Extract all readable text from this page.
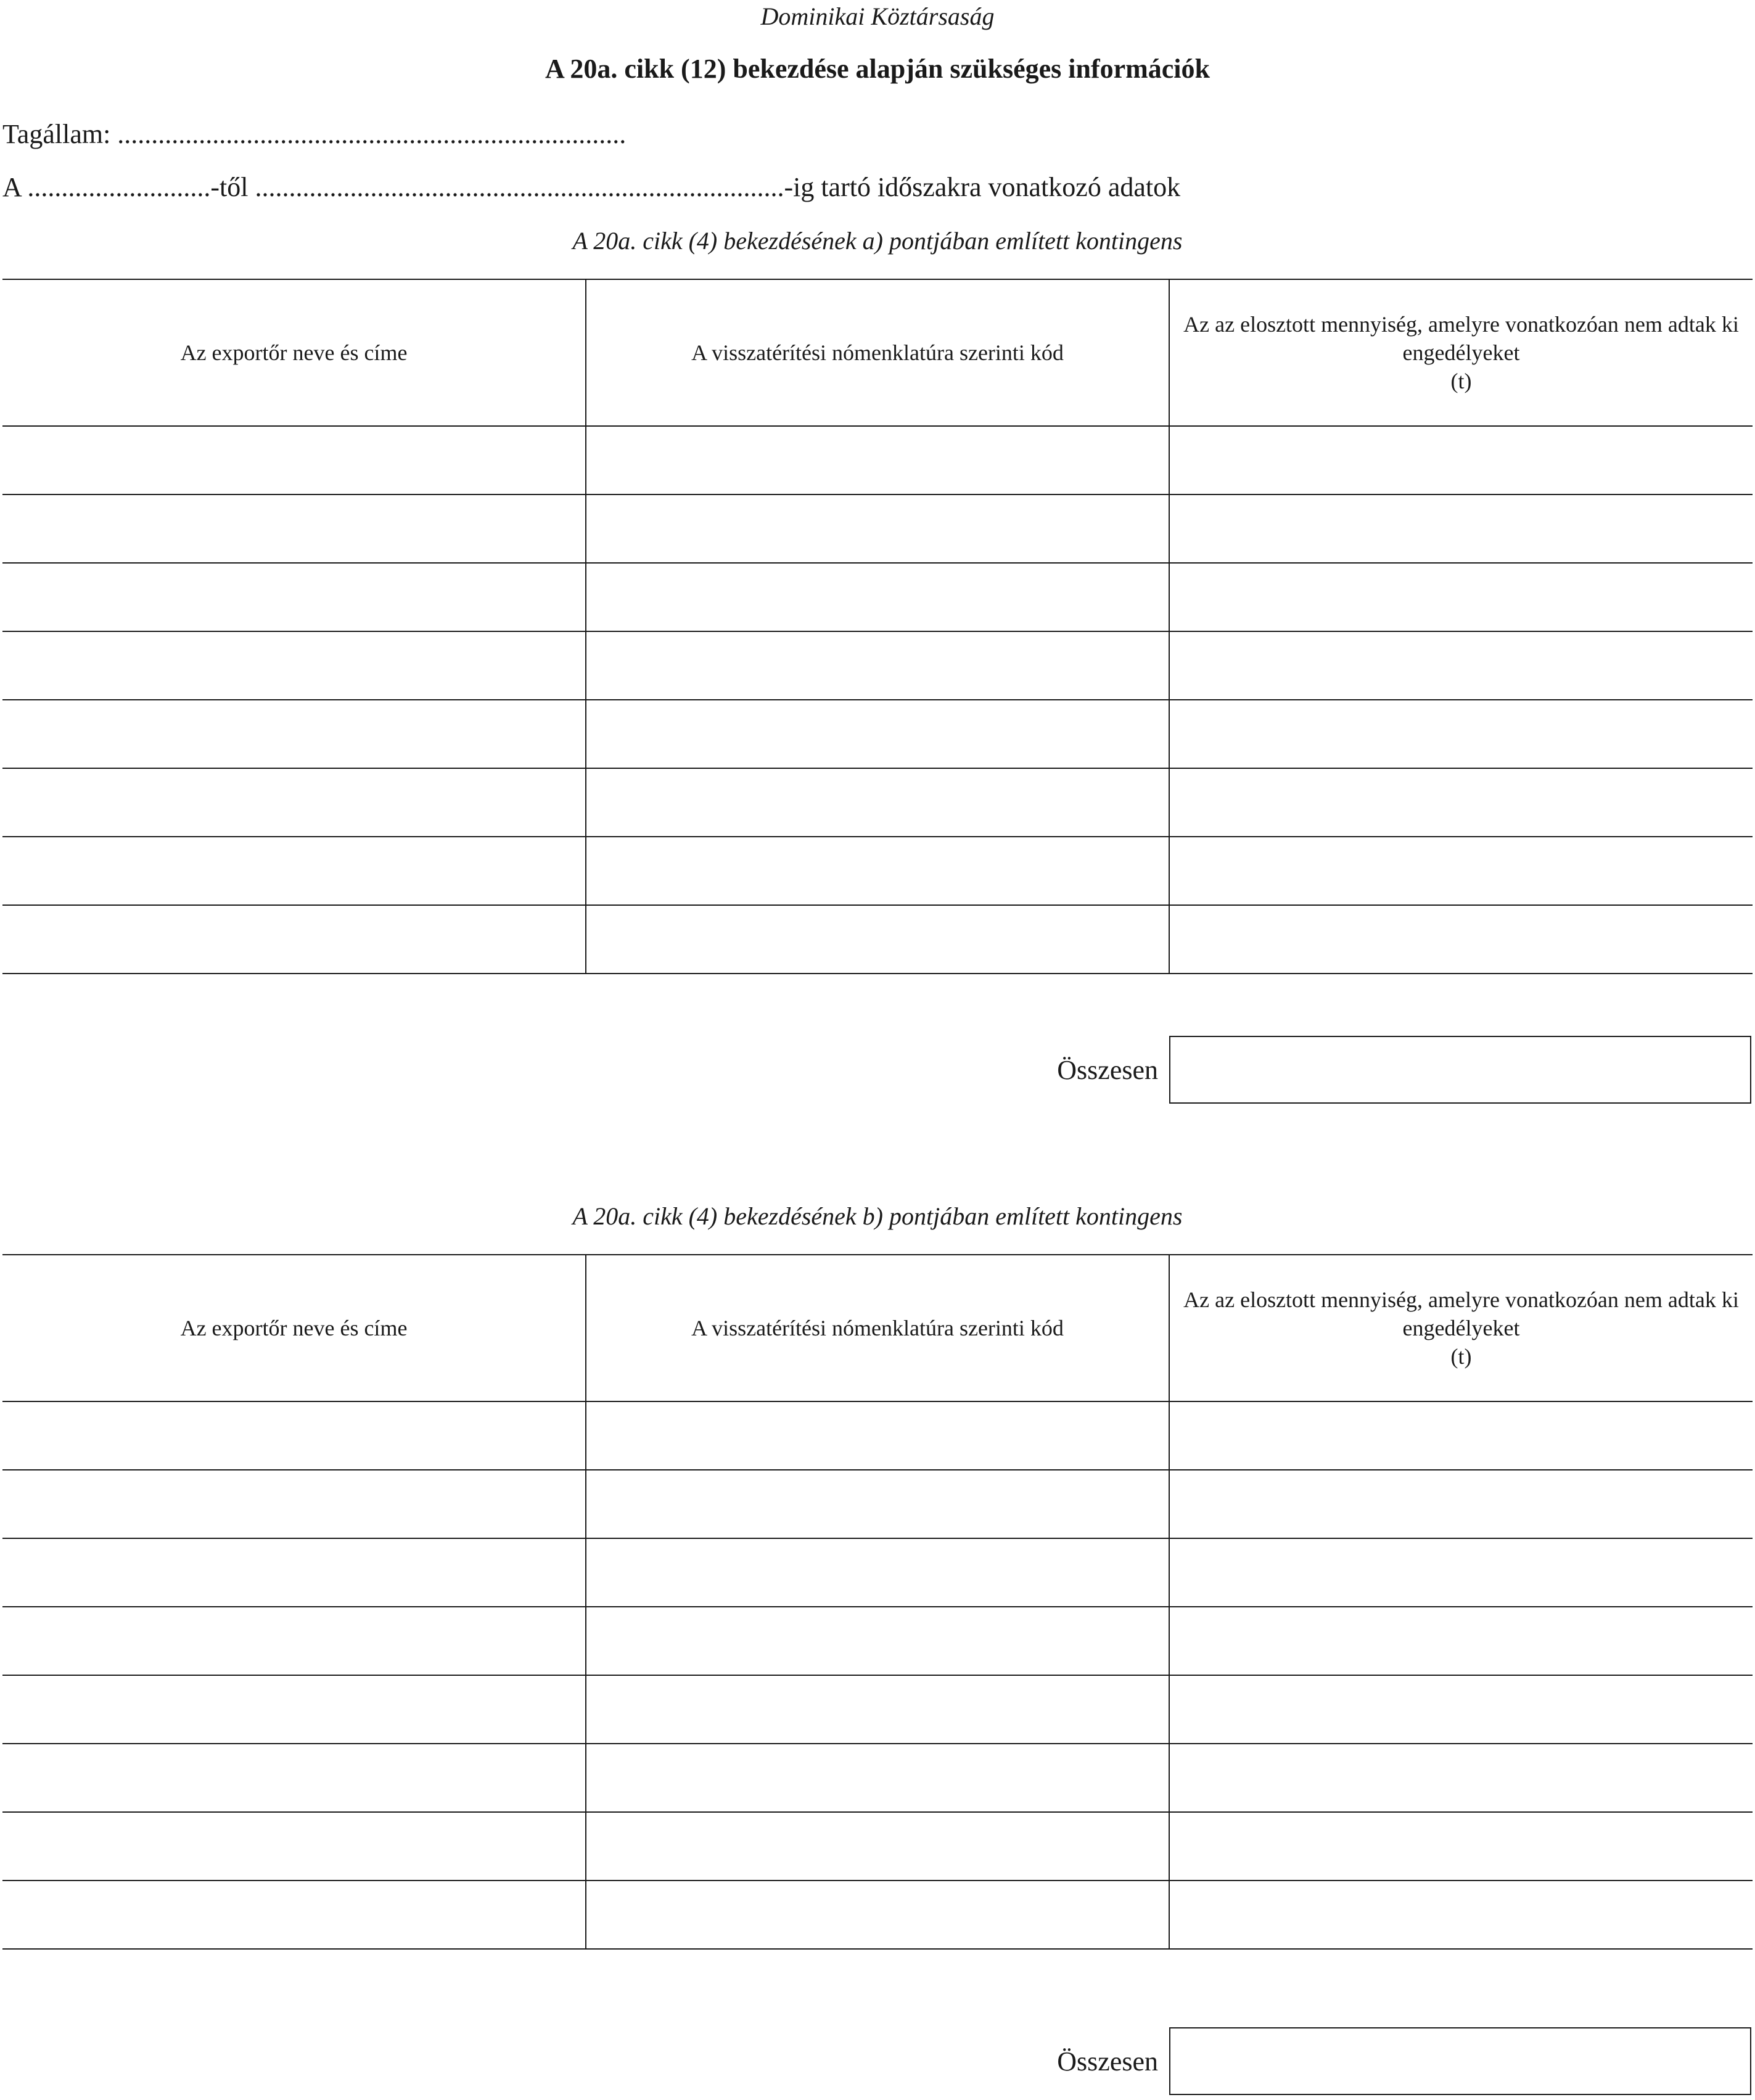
Dominikai Köztársaság
A 20a. cikk (12) bekezdése alapján szükséges információk
Tagállam: ...........................................................................
A ...........................-től ..............................................................................-ig tartó időszakra vonatkozó adatok
A 20a. cikk (4) bekezdésének a) pontjában említett kontingens
Az exportőr neve és címe	A visszatérítési nómenklatúra szerinti kód	Az az elosztott mennyiség, amelyre vonatkozóan nem adtak ki engedélyeket
(t)

Összesen
A 20a. cikk (4) bekezdésének b) pontjában említett kontingens
Az exportőr neve és címe	A visszatérítési nómenklatúra szerinti kód	Az az elosztott mennyiség, amelyre vonatkozóan nem adtak ki engedélyeket
(t)

Összesen
